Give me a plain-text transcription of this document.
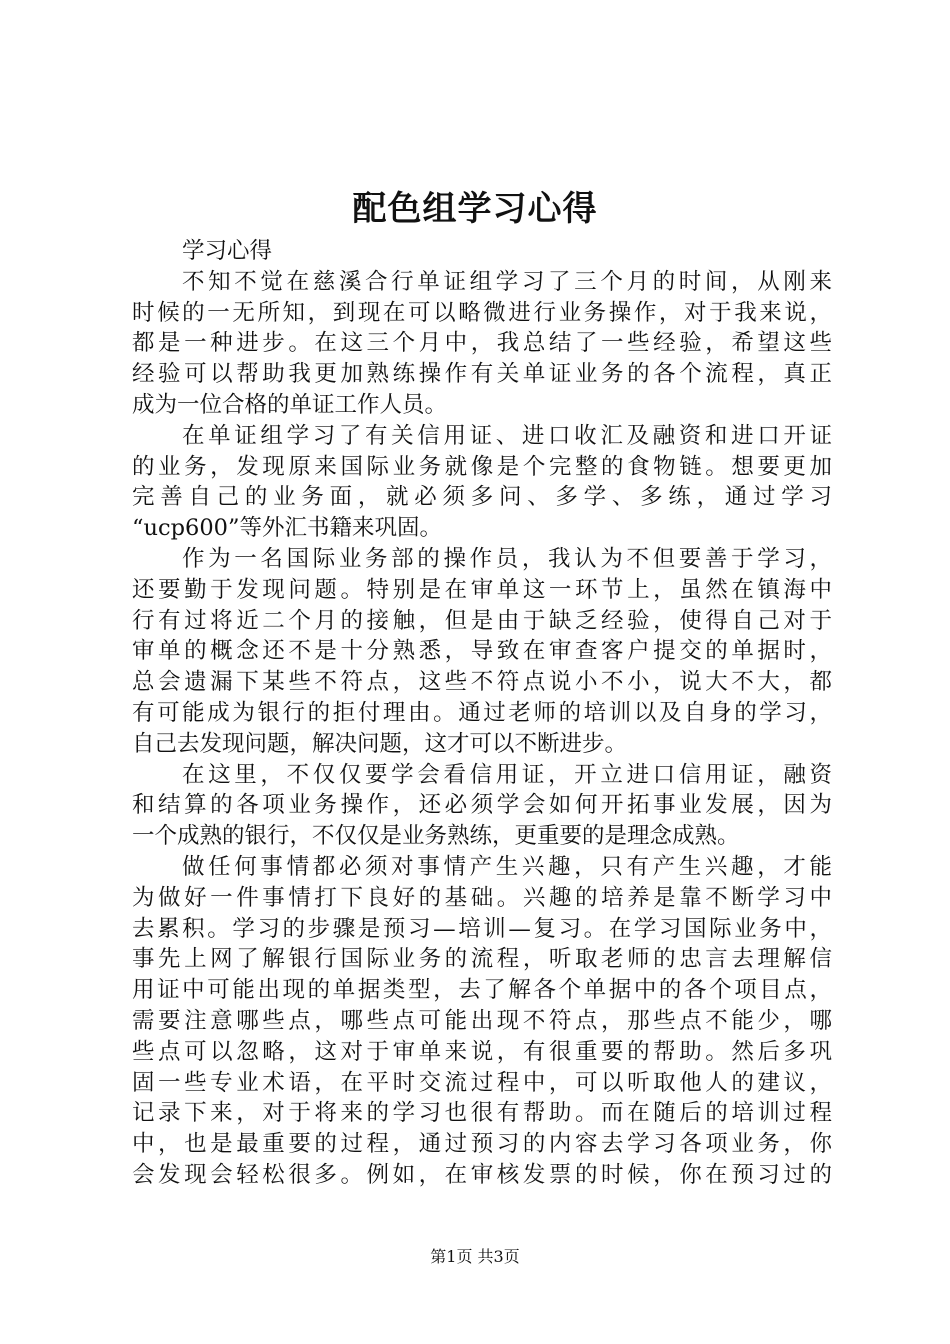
配色组学习心得
学习心得
不知不觉在慈溪合行单证组学习了三个月的时间，从刚来
时候的一无所知，到现在可以略微进行业务操作，对于我来说，
都是一种进步。在这三个月中，我总结了一些经验，希望这些
经验可以帮助我更加熟练操作有关单证业务的各个流程，真正
成为一位合格的单证工作人员。
在单证组学习了有关信用证、进口收汇及融资和进口开证
的业务，发现原来国际业务就像是个完整的食物链。想要更加
完善自己的业务面，就必须多问、多学、多练，通过学习
“ucp600”等外汇书籍来巩固。
作为一名国际业务部的操作员，我认为不但要善于学习，
还要勤于发现问题。特别是在审单这一环节上，虽然在镇海中
行有过将近二个月的接触，但是由于缺乏经验，使得自己对于
审单的概念还不是十分熟悉，导致在审查客户提交的单据时，
总会遗漏下某些不符点，这些不符点说小不小，说大不大，都
有可能成为银行的拒付理由。通过老师的培训以及自身的学习，
自己去发现问题，解决问题，这才可以不断进步。
在这里，不仅仅要学会看信用证，开立进口信用证，融资
和结算的各项业务操作，还必须学会如何开拓事业发展，因为
一个成熟的银行，不仅仅是业务熟练，更重要的是理念成熟。
做任何事情都必须对事情产生兴趣，只有产生兴趣，才能
为做好一件事情打下良好的基础。兴趣的培养是靠不断学习中
去累积。学习的步骤是预习—培训—复习。在学习国际业务中，
事先上网了解银行国际业务的流程，听取老师的忠言去理解信
用证中可能出现的单据类型，去了解各个单据中的各个项目点，
需要注意哪些点，哪些点可能出现不符点，那些点不能少，哪
些点可以忽略，这对于审单来说，有很重要的帮助。然后多巩
固一些专业术语，在平时交流过程中，可以听取他人的建议，
记录下来，对于将来的学习也很有帮助。而在随后的培训过程
中，也是最重要的过程，通过预习的内容去学习各项业务，你
会发现会轻松很多。例如，在审核发票的时候，你在预习过的
第1页 共3页
